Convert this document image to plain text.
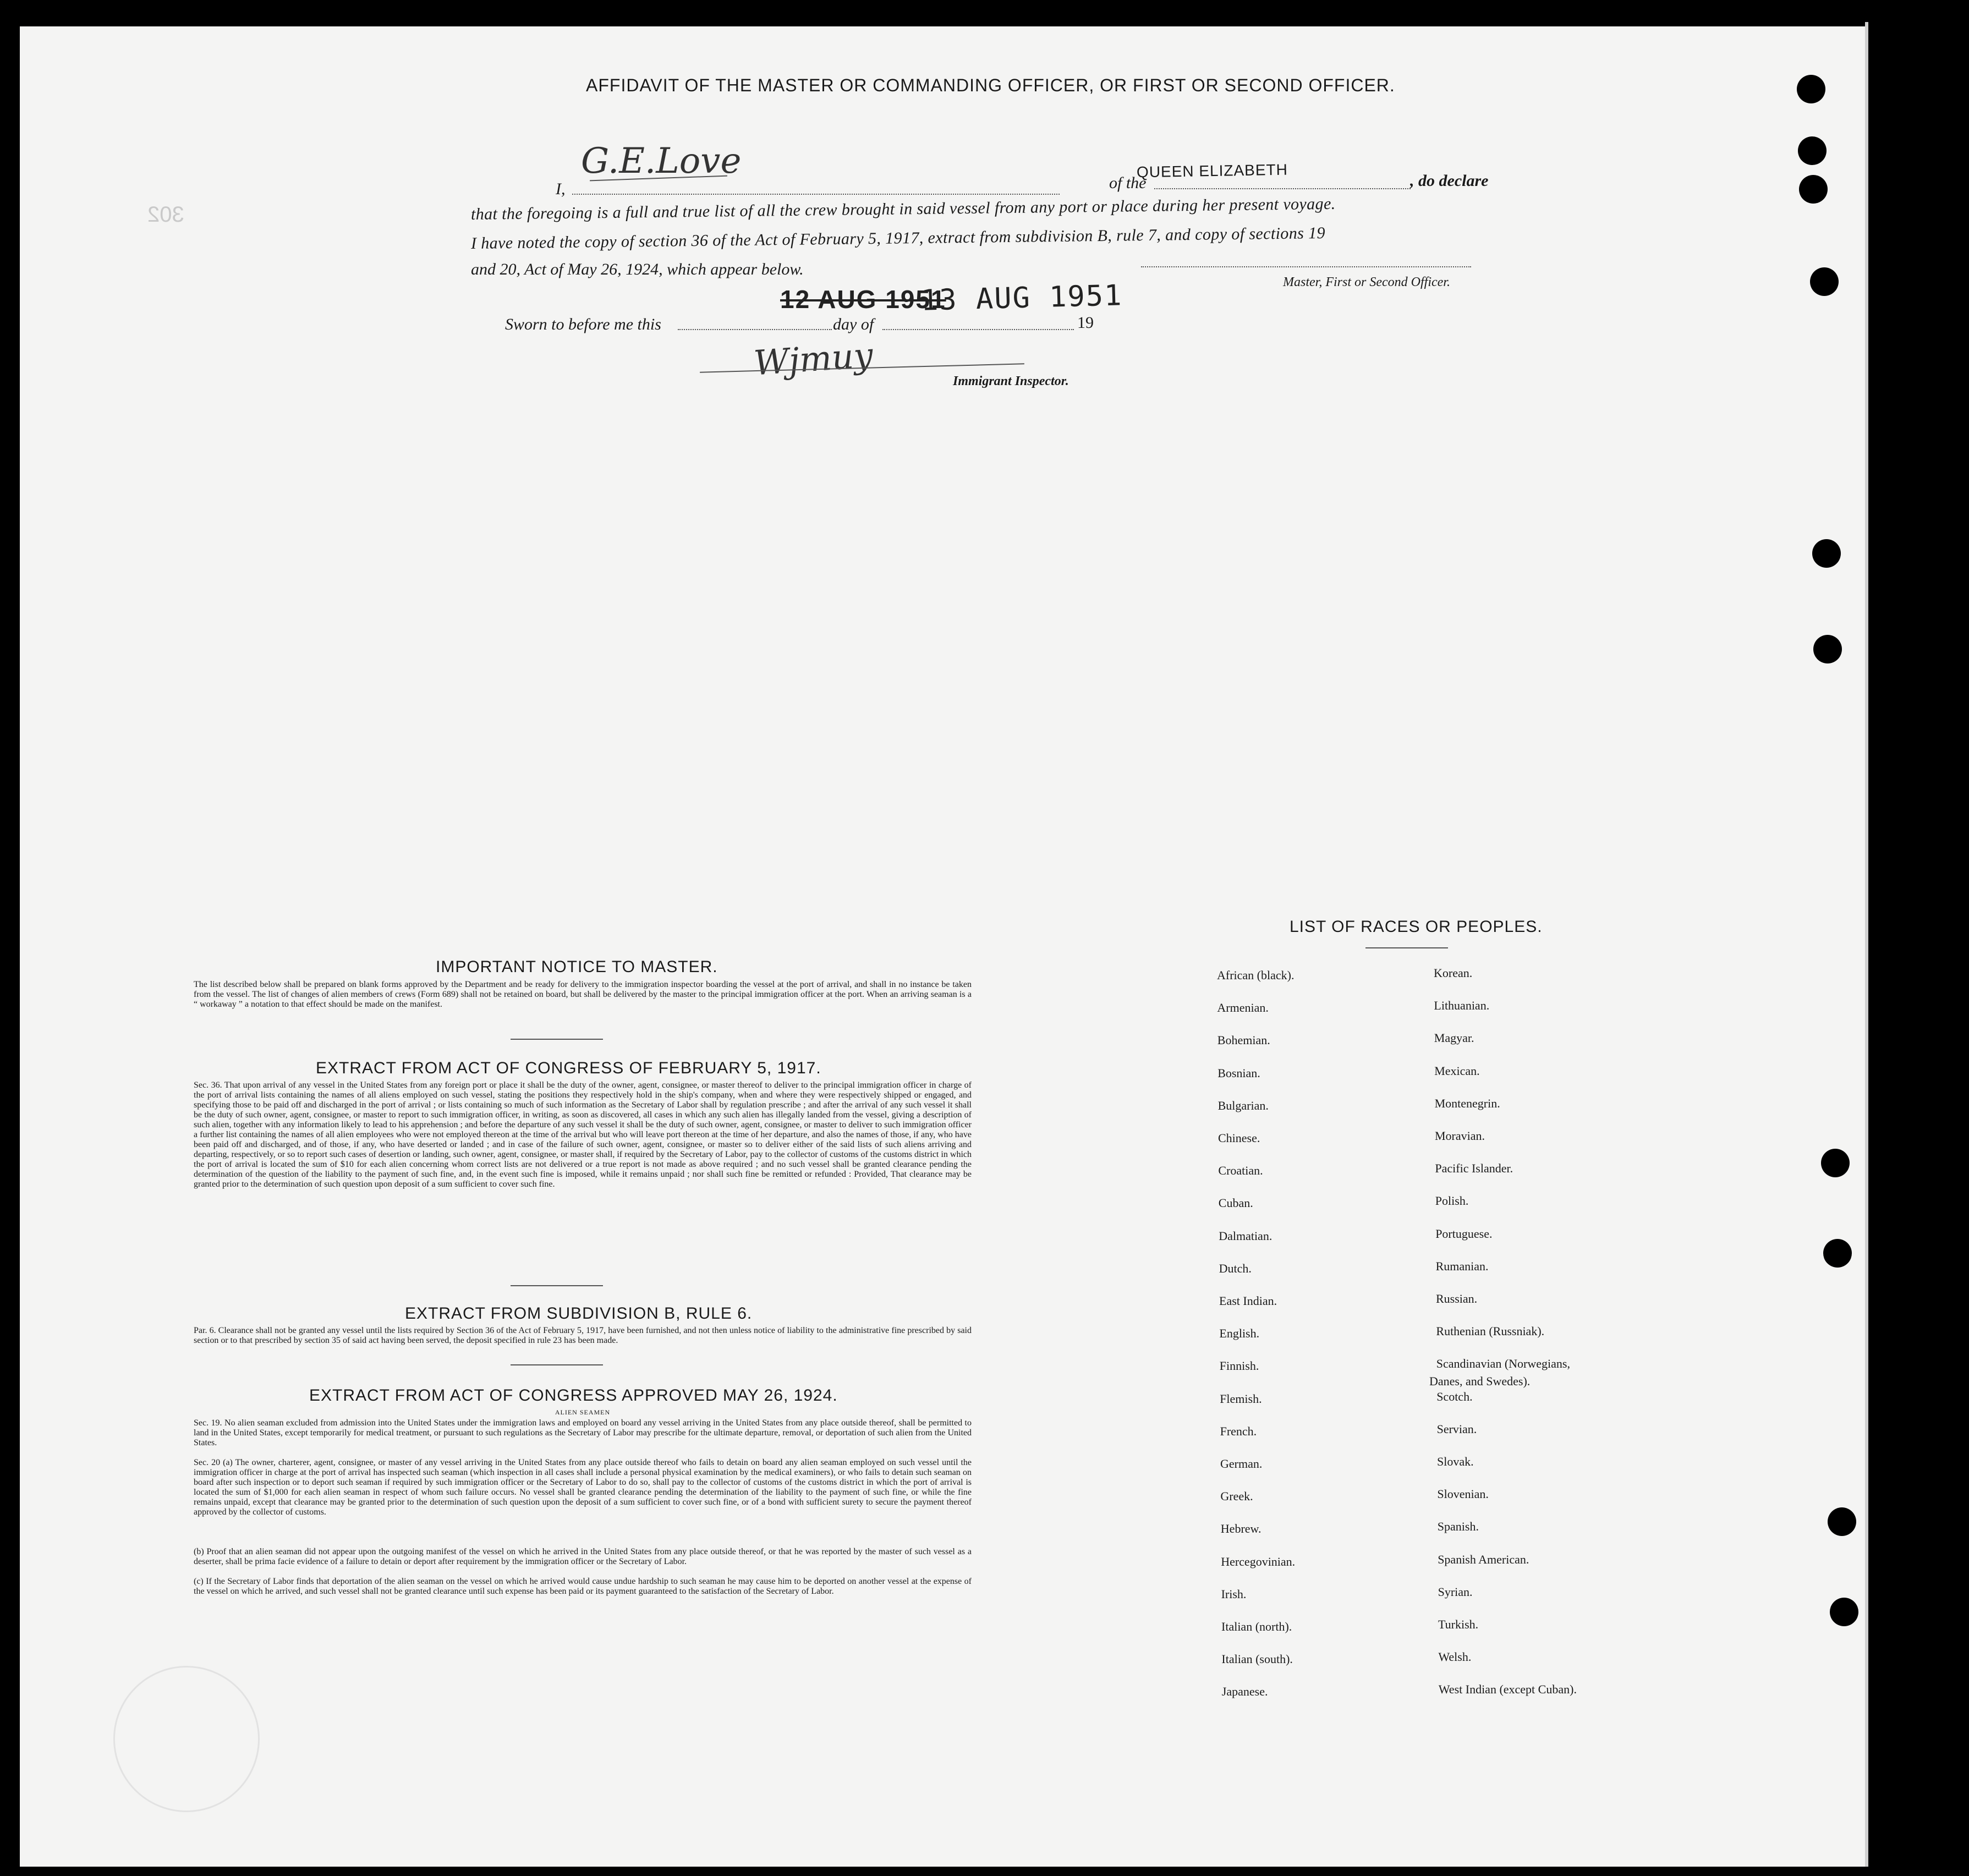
302
AFFIDAVIT OF THE MASTER OR COMMANDING OFFICER, OR FIRST OR SECOND OFFICER.
I,
G.E.Love
of the
QUEEN ELIZABETH
, do declare
that the foregoing is a full and true list of all the crew brought in said vessel from any port or place during her present voyage.
I have noted the copy of section 36 of the Act of February 5, 1917, extract from subdivision B, rule 7, and copy of sections 19
and 20, Act of May 26, 1924, which appear below.
Master, First or Second Officer.
12 AUG 1951
13 AUG 1951
Sworn to before me this	day of	19
Wjmuy	Immigrant Inspector.
IMPORTANT NOTICE TO MASTER.
The list described below shall be prepared on blank forms approved by the Department and be ready for delivery to the immigration inspector boarding the vessel at the port of arrival, and shall in no instance be taken from the vessel. The list of changes of alien members of crews (Form 689) shall not be retained on board, but shall be delivered by the master to the principal immigration officer at the port. When an arriving seaman is a “ workaway ” a notation to that effect should be made on the manifest.
EXTRACT FROM ACT OF CONGRESS OF FEBRUARY 5, 1917.
Sec. 36. That upon arrival of any vessel in the United States from any foreign port or place it shall be the duty of the owner, agent, consignee, or master thereof to deliver to the principal immigration officer in charge of the port of arrival lists containing the names of all aliens employed on such vessel, stating the positions they respectively hold in the ship's company, when and where they were respectively shipped or engaged, and specifying those to be paid off and discharged in the port of arrival ; or lists containing so much of such information as the Secretary of Labor shall by regulation prescribe ; and after the arrival of any such vessel it shall be the duty of such owner, agent, consignee, or master to report to such immigration officer, in writing, as soon as discovered, all cases in which any such alien has illegally landed from the vessel, giving a description of such alien, together with any information likely to lead to his apprehension ; and before the departure of any such vessel it shall be the duty of such owner, agent, consignee, or master to deliver to such immigration officer a further list containing the names of all alien employees who were not employed thereon at the time of the arrival but who will leave port thereon at the time of her departure, and also the names of those, if any, who have been paid off and discharged, and of those, if any, who have deserted or landed ; and in case of the failure of such owner, agent, consignee, or master so to deliver either of the said lists of such aliens arriving and departing, respectively, or so to report such cases of desertion or landing, such owner, agent, consignee, or master shall, if required by the Secretary of Labor, pay to the collector of customs of the customs district in which the port of arrival is located the sum of $10 for each alien concerning whom correct lists are not delivered or a true report is not made as above required ; and no such vessel shall be granted clearance pending the determination of the question of the liability to the payment of such fine, and, in the event such fine is imposed, while it remains unpaid ; nor shall such fine be remitted or refunded : Provided, That clearance may be granted prior to the determination of such question upon deposit of a sum sufficient to cover such fine.
EXTRACT FROM SUBDIVISION B, RULE 6.
Par. 6. Clearance shall not be granted any vessel until the lists required by Section 36 of the Act of February 5, 1917, have been furnished, and not then unless notice of liability to the administrative fine prescribed by said section or to that prescribed by section 35 of said act having been served, the deposit specified in rule 23 has been made.
EXTRACT FROM ACT OF CONGRESS APPROVED MAY 26, 1924.
ALIEN SEAMEN
Sec. 19. No alien seaman excluded from admission into the United States under the immigration laws and employed on board any vessel arriving in the United States from any place outside thereof, shall be permitted to land in the United States, except temporarily for medical treatment, or pursuant to such regulations as the Secretary of Labor may prescribe for the ultimate departure, removal, or deportation of such alien from the United States.
Sec. 20 (a) The owner, charterer, agent, consignee, or master of any vessel arriving in the United States from any place outside thereof who fails to detain on board any alien seaman employed on such vessel until the immigration officer in charge at the port of arrival has inspected such seaman (which inspection in all cases shall include a personal physical examination by the medical examiners), or who fails to detain such seaman on board after such inspection or to deport such seaman if required by such immigration officer or the Secretary of Labor to do so, shall pay to the collector of customs of the customs district in which the port of arrival is located the sum of $1,000 for each alien seaman in respect of whom such failure occurs. No vessel shall be granted clearance pending the determination of the liability to the payment of such fine, or while the fine remains unpaid, except that clearance may be granted prior to the determination of such question upon the deposit of a sum sufficient to cover such fine, or of a bond with sufficient surety to secure the payment thereof approved by the collector of customs.
(b) Proof that an alien seaman did not appear upon the outgoing manifest of the vessel on which he arrived in the United States from any place outside thereof, or that he was reported by the master of such vessel as a deserter, shall be prima facie evidence of a failure to detain or deport after requirement by the immigration officer or the Secretary of Labor.
(c) If the Secretary of Labor finds that deportation of the alien seaman on the vessel on which he arrived would cause undue hardship to such seaman he may cause him to be deported on another vessel at the expense of the vessel on which he arrived, and such vessel shall not be granted clearance until such expense has been paid or its payment guaranteed to the satisfaction of the Secretary of Labor.
LIST OF RACES OR PEOPLES.
African (black).
Armenian.
Bohemian.
Bosnian.
Bulgarian.
Chinese.
Croatian.
Cuban.
Dalmatian.
Dutch.
East Indian.
English.
Finnish.
Flemish.
French.
German.
Greek.
Hebrew.
Hercegovinian.
Irish.
Italian (north).
Italian (south).
Japanese.
Korean.
Lithuanian.
Magyar.
Mexican.
Montenegrin.
Moravian.
Pacific Islander.
Polish.
Portuguese.
Rumanian.
Russian.
Ruthenian (Russniak).
Scandinavian (Norwegians,
Scotch.
Servian.
Slovak.
Slovenian.
Spanish.
Spanish American.
Syrian.
Turkish.
Welsh.
West Indian (except Cuban).
Danes, and Swedes).
